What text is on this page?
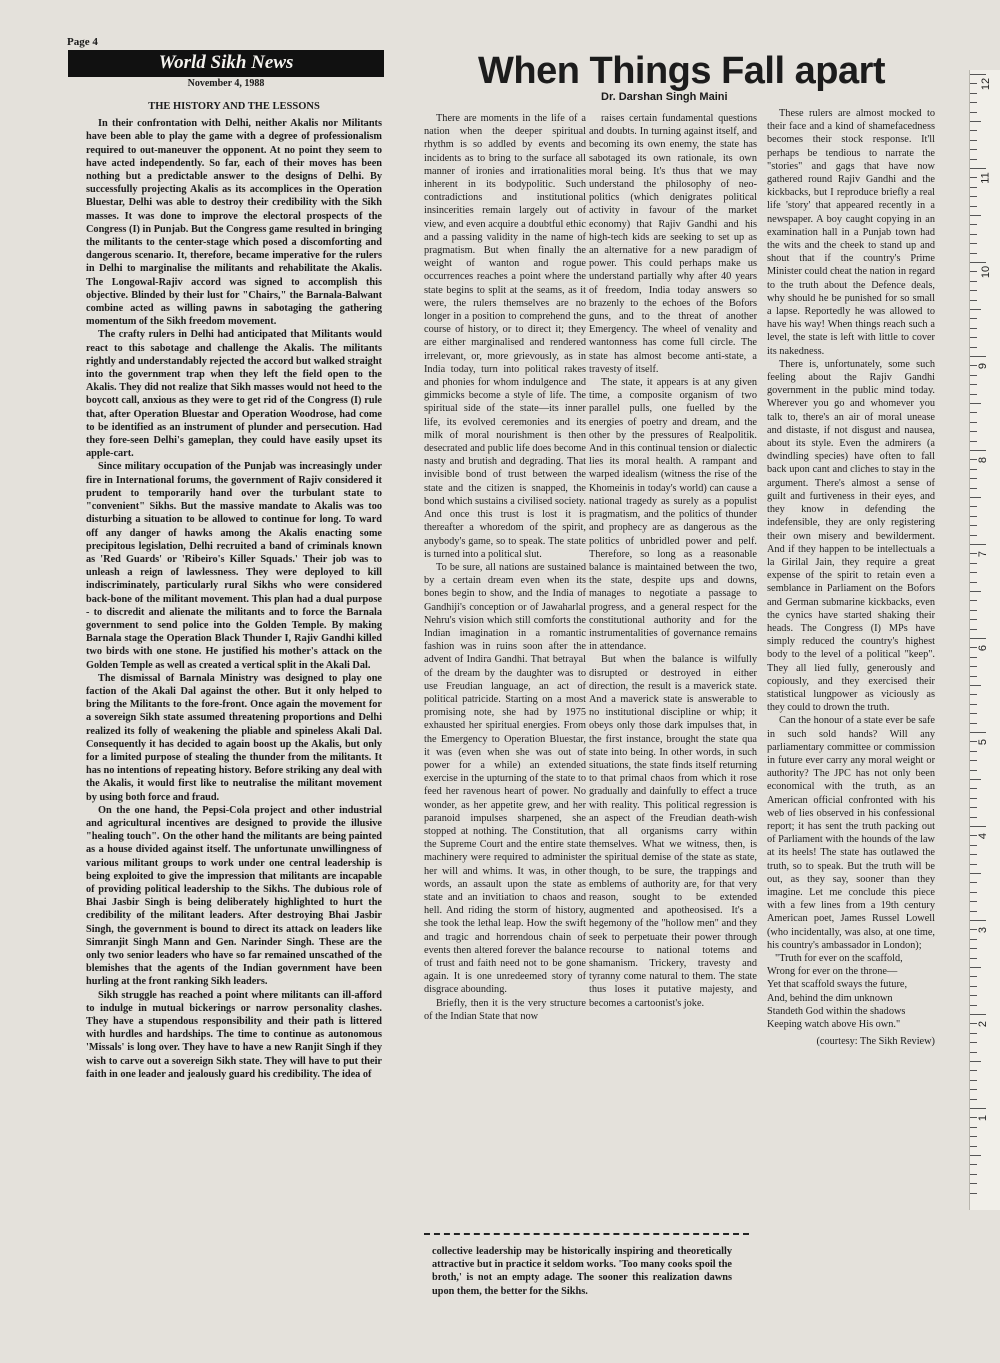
Page 4
World Sikh News
November 4, 1988	When Things Fall apart
Dr. Darshan Singh Maini
THE HISTORY AND THE LESSONS

In their confrontation with Delhi, neither Akalis nor Militants have been able to play the game with a degree of professionalism required to out-maneuver the opponent. At no point they seem to have acted independently. So far, each of their moves has been nothing but a predictable answer to the designs of Delhi. By successfully projecting Akalis as its accomplices in the Operation Bluestar, Delhi was able to destroy their credibility with the Sikh masses. It was done to improve the electoral prospects of the Congress (I) in Punjab. But the Congress game resulted in bringing the militants to the center-stage which posed a discomforting and dangerous scenario. It, therefore, became imperative for the rulers in Delhi to marginalise the militants and rehabilitate the Akalis. The Longowal-Rajiv accord was signed to accomplish this objective. Blinded by their lust for "Chairs," the Barnala-Balwant combine acted as willing pawns in sabotaging the gathering momentum of the Sikh freedom movement.

The crafty rulers in Delhi had anticipated that Militants would react to this sabotage and challenge the Akalis. The militants rightly and understandably rejected the accord but walked straight into the government trap when they left the field open to the Akalis. They did not realize that Sikh masses would not heed to the boycott call, anxious as they were to get rid of the Congress (I) rule that, after Operation Bluestar and Operation Woodrose, had come to be identified as an instrument of plunder and persecution. Had they fore-seen Delhi's gameplan, they could have easily upset its apple-cart.

Since military occupation of the Punjab was increasingly under fire in International forums, the government of Rajiv considered it prudent to temporarily hand over the turbulant state to "convenient" Sikhs. But the massive mandate to Akalis was too disturbing a situation to be allowed to continue for long. To ward off any danger of hawks among the Akalis enacting some precipitous legislation, Delhi recruited a band of criminals known as 'Red Guards' or 'Ribeiro's Killer Squads.' Their job was to unleash a reign of lawlessness. They were deployed to kill indiscriminately, particularly rural Sikhs who were considered back-bone of the militant movement. This plan had a dual purpose - to discredit and alienate the militants and to force the Barnala government to send police into the Golden Temple. By making Barnala stage the Operation Black Thunder I, Rajiv Gandhi killed two birds with one stone. He justified his mother's attack on the Golden Temple as well as created a vertical split in the Akali Dal.

The dismissal of Barnala Ministry was designed to play one faction of the Akali Dal against the other. But it only helped to bring the Militants to the fore-front. Once again the movement for a sovereign Sikh state assumed threatening proportions and Delhi realized its folly of weakening the pliable and spineless Akali Dal. Consequently it has decided to again boost up the Akalis, but only for a limited purpose of stealing the thunder from the militants. It has no intentions of repeating history. Before striking any deal with the Akalis, it would first like to neutralise the militant movement by using both force and fraud.

On the one hand, the Pepsi-Cola project and other industrial and agricultural incentives are designed to provide the illusive "healing touch". On the other hand the militants are being painted as a house divided against itself. The unfortunate unwillingness of various militant groups to work under one central leadership is being exploited to give the impression that militants are incapable of providing political leadership to the Sikhs. The dubious role of Bhai Jasbir Singh is being deliberately highlighted to hurt the credibility of the militant leaders. After destroying Bhai Jasbir Singh, the government is bound to direct its attack on leaders like Simranjit Singh Mann and Gen. Narinder Singh. These are the only two senior leaders who have so far remained unscathed of the blemishes that the agents of the Indian government have been hurling at the front ranking Sikh leaders.

Sikh struggle has reached a point where militants can ill-afford to indulge in mutual bickerings or narrow personality clashes. They have a stupendous responsibility and their path is littered with hurdles and hardships. The time to continue as autonomous 'Missals' is long over. They have to have a new Ranjit Singh if they wish to carve out a sovereign Sikh state. They will have to put their faith in one leader and jealously guard his credibility. The idea of

There are moments in the life of a nation when the deeper spiritual rhythm is so addled by events and incidents as to bring to the surface all manner of ironies and irrationalities inherent in its bodypolitic. Such contradictions and institutional insincerities remain largely out of view, and even acquire a doubtful ethic and a passing validity in the name of pragmatism. But when finally the weight of wanton and rogue occurrences reaches a point where the state begins to split at the seams, as it were, the rulers themselves are no longer in a position to comprehend the course of history, or to direct it; they are either marginalised and rendered irrelevant, or, more grievously, as in India today, turn into political rakes and phonies for whom indulgence and gimmicks become a style of life. The spiritual side of the state—its inner life, its evolved ceremonies and its milk of moral nourishment is then desecrated and public life does become nasty and brutish and degrading. That invisible bond of trust between the state and the citizen is snapped, the bond which sustains a civilised society. And once this trust is lost it is thereafter a whoredom of the spirit, anybody's game, so to speak. The state is turned into a political slut.

To be sure, all nations are sustained by a certain dream even when its bones begin to show, and the India of Gandhiji's conception or of Jawaharlal Nehru's vision which still comforts the Indian imagination in a romantic fashion was in ruins soon after the advent of Indira Gandhi. That betrayal of the dream by the daughter was to use Freudian language, an act of political patricide. Starting on a most promising note, she had by 1975 exhausted her spiritual energies. From the Emergency to Operation Bluestar, it was (even when she was out of power for a while) an extended exercise in the upturning of the state to feed her ravenous heart of power. No wonder, as her appetite grew, and her paranoid impulses sharpened, she stopped at nothing. The Constitution, the Supreme Court and the entire state machinery were required to administer her will and whims. It was, in other words, an assault upon the state as state and an invitiation to chaos and hell. And riding the storm of history, she took the lethal leap. How the swift and tragic and horrendous chain of events then altered forever the balance of trust and faith need not to be gone again. It is one unredeemed story of disgrace abounding.

Briefly, then it is the very structure of the Indian State that now

raises certain fundamental questions and doubts. In turning against itself, and becoming its own enemy, the state has sabotaged its own rationale, its own moral being. It's thus that we may understand the philosophy of neo-politics (which denigrates political activity in favour of the market economy) that Rajiv Gandhi and his high-tech kids are seeking to set up as an alternative for a new paradigm of power. This could perhaps make us understand partially why after 40 years of freedom, India today answers so brazenly to the echoes of the Bofors guns, and to the threat of another Emergency. The wheel of venality and wantonness has come full circle. The state has almost become anti-state, a travesty of itself.

The state, it appears is at any given time, a composite organism of two parallel pulls, one fuelled by the energies of poetry and dream, and the other by the pressures of Realpolitik. And in this continual tension or dialectic lies its moral health. A rampant and warped idealism (witness the rise of the Khomeinis in today's world) can cause a national tragedy as surely as a populist pragmatism, and the politics of thunder and prophecy are as dangerous as the politics of unbridled power and pelf. Therefore, so long as a reasonable balance is maintained between the two, the state, despite ups and downs, manages to negotiate a passage to progress, and a general respect for the constitutional authority and for the instrumentalities of governance remains in attendance.

But when the balance is wilfully disrupted or destroyed in either direction, the result is a maverick state. And a maverick state is answerable to no institutional discipline or whip; it obeys only those dark impulses that, in the first instance, brought the state qua state into being. In other words, in such situations, the state finds itself returning to that primal chaos from which it rose gradually and dainfully to effect a truce with reality. This political regression is an aspect of the Freudian death-wish that all organisms carry within themselves. What we witness, then, is the spiritual demise of the state as state, though, to be sure, the trappings and emblems of authority are, for that very reason, sought to be extended augmented and apotheosised. It's a hegemony of the "hollow men" and they seek to perpetuate their power through recourse to national totems and shamanism. Trickery, travesty and tyranny come natural to them. The state thus loses it putative majesty, and becomes a cartoonist's joke.

These rulers are almost mocked to their face and a kind of shamefacedness becomes their stock response. It'll perhaps be tendious to narrate the "stories" and gags that have now gathered round Rajiv Gandhi and the kickbacks, but I reproduce briefly a real life 'story' that appeared recently in a newspaper. A boy caught copying in an examination hall in a Punjab town had the wits and the cheek to stand up and shout that if the country's Prime Minister could cheat the nation in regard to the truth about the Defence deals, why should he be punished for so small a lapse. Reportedly he was allowed to have his way! When things reach such a level, the state is left with little to cover its nakedness.

There is, unfortunately, some such feeling about the Rajiv Gandhi government in the public mind today. Wherever you go and whomever you talk to, there's an air of moral unease and distaste, if not disgust and nausea, about its style. Even the admirers (a dwindling species) have often to fall back upon cant and cliches to stay in the argument. There's almost a sense of guilt and furtiveness in their eyes, and they know in defending the indefensible, they are only registering their own misery and bewilderment. And if they happen to be intellectuals a la Girilal Jain, they require a great expense of the spirit to retain even a semblance in Parliament on the Bofors and German submarine kickbacks, even the cynics have started shaking their heads. The Congress (I) MPs have simply reduced the country's highest body to the level of a political "keep". They all lied fully, generously and copiously, and they exercised their statistical lungpower as viciously as they could to drown the truth.

Can the honour of a state ever be safe in such sold hands? Will any parliamentary committee or commission in future ever carry any moral weight or authority? The JPC has not only been economical with the truth, as an American official confronted with his web of lies observed in his confessional report; it has sent the truth packing out of Parliament with the hounds of the law at its heels! The state has outlawed the truth, so to speak. But the truth will be out, as they say, sooner than they imagine. Let me conclude this piece with a few lines from a 19th century American poet, James Russel Lowell (who incidentally, was also, at one time, his country's ambassador in London);

"Truth for ever on the scaffold,

Wrong for ever on the throne—

Yet that scaffold sways the future,

And, behind the dim unknown

Standeth God within the shadows

Keeping watch above His own."

(courtesy: The Sikh Review)
collective leadership may be historically inspiring and theoretically attractive but in practice it seldom works. 'Too many cooks spoil the broth,' is not an empty adage. The sooner this realization dawns upon them, the better for the Sikhs.
12
11
10
9
8
7
6
5
4
3
2
1
